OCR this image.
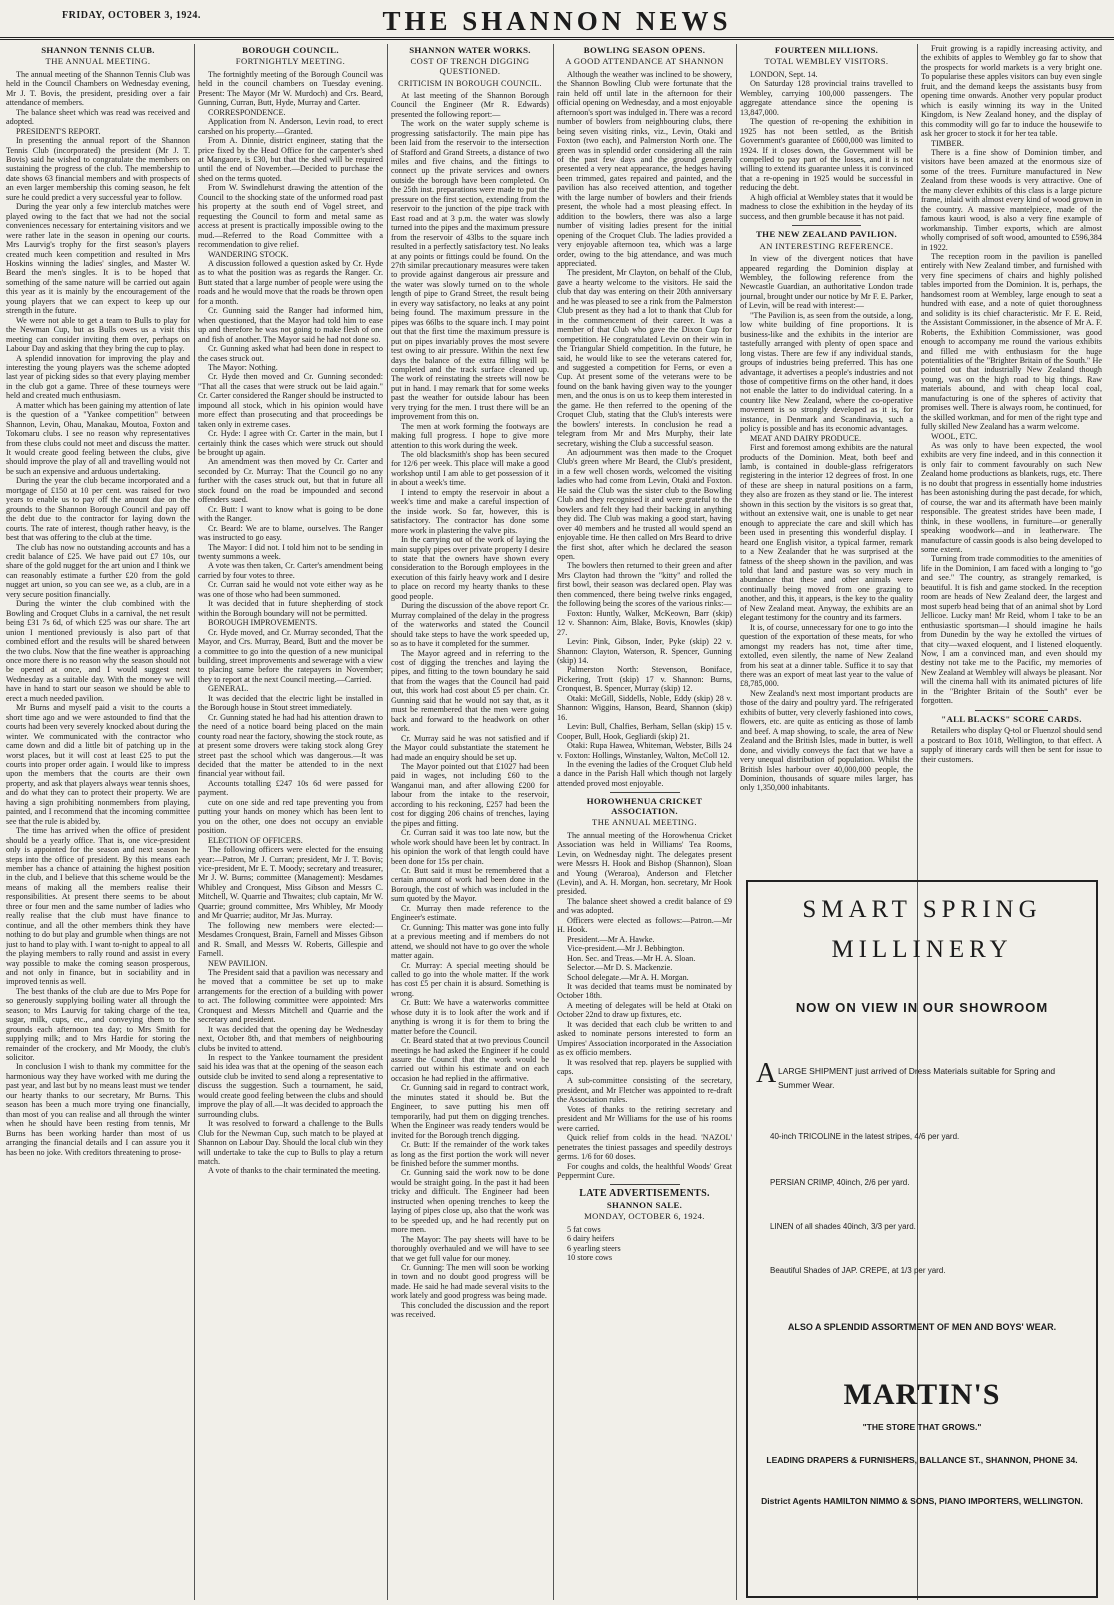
FRIDAY, OCTOBER 3, 1924.	THE SHANNON NEWS
SHANNON TENNIS CLUB.
THE ANNUAL MEETING.

The annual meeting of the Shannon Tennis Club was held in the Council Chambers on Wednesday evening, Mr J. T. Bovis, the president, presiding over a fair attendance of members.

The balance sheet which was read was received and adopted.

PRESIDENT'S REPORT.

In presenting the annual report of the Shannon Tennis Club (incorporated) the president (Mr J. T. Bovis) said he wished to congratulate the members on sustaining the progress of the club. The membership to date shows 63 financial members and with prospects of an even larger membership this coming season, he felt sure he could predict a very successful year to follow.

During the year only a few interclub matches were played owing to the fact that we had not the social conveniences necessary for entertaining visitors and we were rather late in the season in opening our courts. Mrs Laurvig's trophy for the first season's players created much keen competition and resulted in Mrs Hoskins winning the ladies' singles, and Master W. Beard the men's singles. It is to be hoped that something of the same nature will be carried out again this year as it is mainly by the encouragement of the young players that we can expect to keep up our strength in the future.

We were not able to get a team to Bulls to play for the Newman Cup, but as Bulls owes us a visit this meeting can consider inviting them over, perhaps on Labour Day and asking that they bring the cup to play.

A splendid innovation for improving the play and interesting the young players was the scheme adopted last year of picking sides so that every playing member in the club got a game. Three of these tourneys were held and created much enthusiasm.

A matter which has been gaining my attention of late is the question of a "Yankee competition" between Shannon, Levin, Ohau, Manakau, Moutoa, Foxton and Tokomaru clubs. I see no reason why representatives from these clubs could not meet and discuss the matter. It would create good feeling between the clubs, give should improve the play of all and travelling would not be such an expensive and arduous undertaking.

During the year the club became incorporated and a mortgage of £150 at 10 per cent. was raised for two years to enable us to pay off the amount due on the grounds to the Shannon Borough Council and pay off the debt due to the contractor for laying down the courts. The rate of interest, though rather heavy, is the best that was offering to the club at the time.

The club has now no outstanding accounts and has a credit balance of £25. We have paid out £7 10s, our share of the gold nugget for the art union and I think we can reasonably estimate a further £20 from the gold nugget art union, so you can see we, as a club, are in a very secure position financially.

During the winter the club combined with the Bowling and Croquet Clubs in a carnival, the net result being £31 7s 6d, of which £25 was our share. The art union I mentioned previously is also part of that combined effort and the results will be shared between the two clubs. Now that the fine weather is approaching once more there is no reason why the season should not be opened at once, and I would suggest next Wednesday as a suitable day. With the money we will have in hand to start our season we should be able to erect a much needed pavilion.

Mr Burns and myself paid a visit to the courts a short time ago and we were astounded to find that the courts had been very severely knocked about during the winter. We communicated with the contractor who came down and did a little bit of patching up in the worst places, but it will cost at least £25 to put the courts into proper order again. I would like to impress upon the members that the courts are their own property, and ask that players always wear tennis shoes, and do what they can to protect their property. We are having a sign prohibiting nonmembers from playing, painted, and I recommend that the incoming committee see that the rule is abided by.

The time has arrived when the office of president should be a yearly office. That is, one vice-president only is appointed for the season and next season he steps into the office of president. By this means each member has a chance of attaining the highest position in the club, and I believe that this scheme would be the means of making all the members realise their responsibilities. At present there seems to be about three or four men and the same number of ladies who really realise that the club must have finance to continue, and all the other members think they have nothing to do but play and grumble when things are not just to hand to play with. I want to-night to appeal to all the playing members to rally round and assist in every way possible to make the coming season prosperous, and not only in finance, but in sociability and in improved tennis as well.

The best thanks of the club are due to Mrs Pope for so generously supplying boiling water all through the season; to Mrs Laurvig for taking charge of the tea, sugar, milk, cups, etc., and conveying them to the grounds each afternoon tea day; to Mrs Smith for supplying milk; and to Mrs Hardie for storing the remainder of the crockery, and Mr Moody, the club's solicitor.

In conclusion I wish to thank my committee for the harmonious way they have worked with me during the past year, and last but by no means least must we tender our hearty thanks to our secretary, Mr Burns. This season has been a much more trying one financially, than most of you can realise and all through the winter when he should have been resting from tennis, Mr Burns has been working harder than most of us arranging the financial details and I can assure you it has been no joke. With creditors threatening to prose-

BOROUGH COUNCIL.
FORTNIGHTLY MEETING.

The fortnightly meeting of the Borough Council was held in the council chambers on Tuesday evening. Present: The Mayor (Mr W. Murdoch) and Crs. Beard, Gunning, Curran, Butt, Hyde, Murray and Carter.

CORRESPONDENCE.

Application from N. Anderson, Levin road, to erect carshed on his property.—Granted.

From A. Dinnie, district engineer, stating that the price fixed by the Head Office for the carpenter's shed at Mangaore, is £30, but that the shed will be required until the end of November.—Decided to purchase the shed on the terms quoted.

From W. Swindlehurst drawing the attention of the Council to the shocking state of the unformed road past his property at the south end of Vogel street, and requesting the Council to form and metal same as access at present is practically impossible owing to the mud.—Referred to the Road Committee with a recommendation to give relief.

WANDERING STOCK.

A discussion followed a question asked by Cr. Hyde as to what the position was as regards the Ranger. Cr. Butt stated that a large number of people were using the roads and he would move that the roads be thrown open for a month.

Cr. Gunning said the Ranger had informed him, when questioned, that the Mayor had told him to ease up and therefore he was not going to make flesh of one and fish of another. The Mayor said he had not done so.

Cr. Gunning asked what had been done in respect to the cases struck out.

The Mayor: Nothing.

Cr. Hyde then moved and Cr. Gunning seconded: "That all the cases that were struck out be laid again." Cr. Carter considered the Ranger should be instructed to impound all stock, which in his opinion would have more effect than prosecuting and that proceedings be taken only in extreme cases.

Cr. Hyde: I agree with Cr. Carter in the main, but I certainly think the cases which were struck out should be brought up again.

An amendment was then moved by Cr. Carter and seconded by Cr. Murray: That the Council go no any further with the cases struck out, but that in future all stock found on the road be impounded and second offenders sued.

Cr. Butt: I want to know what is going to be done with the Ranger.

Cr. Beard: We are to blame, ourselves. The Ranger was instructed to go easy.

The Mayor: I did not. I told him not to be sending in twenty summons a week.

A vote was then taken, Cr. Carter's amendment being carried by four votes to three.

Cr. Curran said he would not vote either way as he was one of those who had been summoned.

It was decided that in future shepherding of stock within the Borough boundary will not be permitted.

BOROUGH IMPROVEMENTS.

Cr. Hyde moved, and Cr. Murray seconded, That the Mayor, and Crs. Murray, Beard, Butt and the mover be a committee to go into the question of a new municipal building, street improvements and sewerage with a view to placing same before the ratepayers in November; they to report at the next Council meeting.—Carried.

GENERAL.

It was decided that the electric light be installed in the Borough house in Stout street immediately.

Cr. Gunning stated he had had his attention drawn to the need of a notice board being placed on the main county road near the factory, showing the stock route, as at present some drovers were taking stock along Grey street past the school which was dangerous.—It was decided that the matter be attended to in the next financial year without fail.

Accounts totalling £247 10s 6d were passed for payment.

cute on one side and red tape preventing you from putting your hands on money which has been lent to you on the other, one does not occupy an enviable position.

ELECTION OF OFFICERS.

The following officers were elected for the ensuing year:—Patron, Mr J. Curran; president, Mr J. T. Bovis; vice-president, Mr E. T. Moody; secretary and treasurer, Mr J. W. Burns; committee (Management): Mesdames Whibley and Cronquest, Miss Gibson and Messrs C. Mitchell, W. Quarrie and Thwaites; club captain, Mr W. Quarrie; ground committee, Mrs Whibley, Mr Moody and Mr Quarrie; auditor, Mr Jas. Murray.

The following new members were elected:—Mesdames Cronquest, Brain, Farnell and Misses Gibson and R. Small, and Messrs W. Roberts, Gillespie and Farnell.

NEW PAVILION.

The President said that a pavilion was necessary and he moved that a committee be set up to make arrangements for the erection of a building with power to act. The following committee were appointed: Mrs Cronquest and Messrs Mitchell and Quarrie and the secretary and president.

It was decided that the opening day be Wednesday next, October 8th, and that members of neighbouring clubs be invited to attend.

In respect to the Yankee tournament the president said his idea was that at the opening of the season each outside club be invited to send along a representative to discuss the suggestion. Such a tournament, he said, would create good feeling between the clubs and should improve the play of all.—It was decided to approach the surrounding clubs.

It was resolved to forward a challenge to the Bulls Club for the Newman Cup, such match to be played at Shannon on Labour Day. Should the local club win they will undertake to take the cup to Bulls to play a return match.

A vote of thanks to the chair terminated the meeting.

SHANNON WATER WORKS.
COST OF TRENCH DIGGING QUESTIONED.
CRITICISM IN BOROUGH COUNCIL.

At last meeting of the Shannon Borough Council the Engineer (Mr R. Edwards) presented the following report:—

The work on the water supply scheme is progressing satisfactorily. The main pipe has been laid from the reservoir to the intersection of Stafford and Grand Streets, a distance of two miles and five chains, and the fittings to connect up the private services and owners outside the borough have been completed. On the 25th inst. preparations were made to put the pressure on the first section, extending from the reservoir to the junction of the pipe track with East road and at 3 p.m. the water was slowly turned into the pipes and the maximum pressure from the reservoir of 43lbs to the square inch resulted in a perfectly satisfactory test. No leaks at any points or fittings could be found. On the 27th similar precautionary measures were taken to provide against dangerous air pressure and the water was slowly turned on to the whole length of pipe to Grand Street, the result being in every way satisfactory, no leaks at any point being found. The maximum pressure in the pipes was 66lbs to the square inch. I may point out that the first time the maximum pressure is put on pipes invariably proves the most severe test owing to air pressure. Within the next few days the balance of the extra filling will be completed and the track surface cleaned up. The work of reinstating the streets will now be put in hand. I may remark that for some weeks past the weather for outside labour has been very trying for the men. I trust there will be an improvement from this on.

The men at work forming the footways are making full progress. I hope to give more attention to this work during the week.

The old blacksmith's shop has been secured for 12/6 per week. This place will make a good workshop until I am able to get possession of it in about a week's time.

I intend to empty the reservoir in about a week's time and make a careful inspection of the inside work. So far, however, this is satisfactory. The contractor has done some more work in plastering the valve pits.

In the carrying out of the work of laying the main supply pipes over private property I desire to state that the owners have shown every consideration to the Borough employees in the execution of this fairly heavy work and I desire to place on record my hearty thanks to these good people.

During the discussion of the above report Cr. Murray complained of the delay in the progress of the waterworks and stated the Council should take steps to have the work speeded up, so as to have it completed for the summer.

The Mayor agreed and in referring to the cost of digging the trenches and laying the pipes, and fitting to the town boundary he said that from the wages that the Council had paid out, this work had cost about £5 per chain. Cr. Gunning said that he would not say that, as it must be remembered that the men were going back and forward to the headwork on other work.

Cr. Murray said he was not satisfied and if the Mayor could substantiate the statement he had made an enquiry should be set up.

The Mayor pointed out that £1027 had been paid in wages, not including £60 to the Wanganui man, and after allowing £200 for labour from the intake to the reservoir, according to his reckoning, £257 had been the cost for digging 206 chains of trenches, laying the pipes and fitting.

Cr. Curran said it was too late now, but the whole work should have been let by contract. In his opinion the work of that length could have been done for 15s per chain.

Cr. Butt said it must be remembered that a certain amount of work had been done in the Borough, the cost of which was included in the sum quoted by the Mayor.

Cr. Murray then made reference to the Engineer's estimate.

Cr. Gunning: This matter was gone into fully at a previous meeting and if members do not attend, we should not have to go over the whole matter again.

Cr. Murray: A special meeting should be called to go into the whole matter. If the work has cost £5 per chain it is absurd. Something is wrong.

Cr. Butt: We have a waterworks committee whose duty it is to look after the work and if anything is wrong it is for them to bring the matter before the Council.

Cr. Beard stated that at two previous Council meetings he had asked the Engineer if he could assure the Council that the work would be carried out within his estimate and on each occasion he had replied in the affirmative.

Cr. Gunning said in regard to contract work, the minutes stated it should be. But the Engineer, to save putting his men off temporarily, had put them on digging trenches. When the Engineer was ready tenders would be invited for the Borough trench digging.

Cr. Butt: If the remainder of the work takes as long as the first portion the work will never be finished before the summer months.

Cr. Gunning said the work now to be done would be straight going. In the past it had been tricky and difficult. The Engineer had been instructed when opening trenches to keep the laying of pipes close up, also that the work was to be speeded up, and he had recently put on more men.

The Mayor: The pay sheets will have to be thoroughly overhauled and we will have to see that we get full value for our money.

Cr. Gunning: The men will soon be working in town and no doubt good progress will be made. He said he had made several visits to the work lately and good progress was being made.

This concluded the discussion and the report was received.

BOWLING SEASON OPENS.
A GOOD ATTENDANCE AT SHANNON

Although the weather was inclined to be showery, the Shannon Bowling Club were fortunate that the rain held off until late in the afternoon for their official opening on Wednesday, and a most enjoyable afternoon's sport was indulged in. There was a record number of bowlers from neighbouring clubs, there being seven visiting rinks, viz., Levin, Otaki and Foxton (two each), and Palmerston North one. The green was in splendid order considering all the rain of the past few days and the ground generally presented a very neat appearance, the hedges having been trimmed, gates repaired and painted, and the pavilion has also received attention, and together with the large number of bowlers and their friends present, the whole had a most pleasing effect. In addition to the bowlers, there was also a large number of visiting ladies present for the initial opening of the Croquet Club. The ladies provided a very enjoyable afternoon tea, which was a large order, owing to the big attendance, and was much appreciated.

The president, Mr Clayton, on behalf of the Club, gave a hearty welcome to the visitors. He said the club that day was entering on their 20th anniversary and he was pleased to see a rink from the Palmerston Club present as they had a lot to thank that Club for in the commencement of their career. It was a member of that Club who gave the Dixon Cup for competition. He congratulated Levin on their win in the Triangular Shield competition. In the future, he said, he would like to see the veterans catered for, and suggested a competition for Ferns, or even a Cup. At present some of the veterans were to be found on the bank having given way to the younger men, and the onus is on us to keep them interested in the game. He then referred to the opening of the Croquet Club, stating that the Club's interests were the bowlers' interests. In conclusion he read a telegram from Mr and Mrs Murphy, their late secretary, wishing the Club a successful season.

An adjournment was then made to the Croquet Club's green where Mr Beard, the Club's president, in a few well chosen words, welcomed the visiting ladies who had come from Levin, Otaki and Foxton. He said the Club was the sister club to the Bowling Club and they recognised it and were grateful to the bowlers and felt they had their backing in anything they did. The Club was making a good start, having over 40 members and he trusted all would spend an enjoyable time. He then called on Mrs Beard to drive the first shot, after which he declared the season open.

The bowlers then returned to their green and after Mrs Clayton had thrown the "kitty" and rolled the first bowl, their season was declared open. Play was then commenced, there being twelve rinks engaged, the following being the scores of the various rinks:—

Foxton: Huntly, Walker, McKeown, Barr (skip) 12 v. Shannon: Aim, Blake, Bovis, Knowles (skip) 27.

Levin: Pink, Gibson, Inder, Pyke (skip) 22 v. Shannon: Clayton, Waterson, R. Spencer, Gunning (skip) 14.

Palmerston North: Stevenson, Boniface, Pickering, Trott (skip) 17 v. Shannon: Burns, Cronquest, B. Spencer, Murray (skip) 12.

Otaki: McGill, Siddells, Noble, Eddy (skip) 28 v. Shannon: Wiggins, Hanson, Beard, Shannon (skip) 16.

Levin: Bull, Chalfies, Berham, Sellan (skip) 15 v. Cooper, Bull, Hook, Gegliardi (skip) 21.

Otaki: Rupa Hawea, Whiteman, Webster, Bills 24 v. Foxton: Hollings, Winstanley, Walton, McColl 12.

In the evening the ladies of the Croquet Club held a dance in the Parish Hall which though not largely attended proved most enjoyable.

HOROWHENUA CRICKET ASSOCIATION.
THE ANNUAL MEETING.

The annual meeting of the Horowhenua Cricket Association was held in Williams' Tea Rooms, Levin, on Wednesday night. The delegates present were Messrs H. Hook and Bishop (Shannon), Sloan and Young (Weraroa), Anderson and Fletcher (Levin), and A. H. Morgan, hon. secretary, Mr Hook presided.

The balance sheet showed a credit balance of £9 and was adopted.

Officers were elected as follows:—Patron.—Mr H. Hook.

President.—Mr A. Hawke.

Vice-president.—Mr J. Bebbington.

Hon. Sec. and Treas.—Mr H. A. Sloan.

Selector.—Mr D. S. Mackenzie.

School delegate.—Mr A. H. Morgan.

It was decided that teams must be nominated by October 18th.

A meeting of delegates will be held at Otaki on October 22nd to draw up fixtures, etc.

It was decided that each club be written to and asked to nominate persons interested to form an Umpires' Association incorporated in the Association as ex officio members.

It was resolved that rep. players be supplied with caps.

A sub-committee consisting of the secretary, president, and Mr Fletcher was appointed to re-draft the Association rules.

Votes of thanks to the retiring secretary and president and Mr Williams for the use of his rooms were carried.

Quick relief from colds in the head. 'NAZOL' penetrates the tiniest passages and speedily destroys germs. 1/6 for 60 doses.

For coughs and colds, the healthful Woods' Great Peppermint Cure.

LATE ADVERTISEMENTS.
SHANNON SALE.
MONDAY, OCTOBER 6, 1924.

5 fat cows

6 dairy heifers

6 yearling steers

10 store cows

FOURTEEN MILLIONS.
TOTAL WEMBLEY VISITORS.

LONDON, Sept. 14.

On Saturday 128 provincial trains travelled to Wembley, carrying 100,000 passengers. The aggregate attendance since the opening is 13,847,000.

The question of re-opening the exhibition in 1925 has not been settled, as the British Government's guarantee of £600,000 was limited to 1924. If it closes down, the Government will be compelled to pay part of the losses, and it is not willing to extend its guarantee unless it is convinced that a re-opening in 1925 would be successful in reducing the debt.

A high official at Wembley states that it would be madness to close the exhibition in the heyday of its success, and then grumble because it has not paid.

THE NEW ZEALAND PAVILION.
AN INTERESTING REFERENCE.

In view of the divergent notices that have appeared regarding the Dominion display at Wembley, the following reference from the Newcastle Guardian, an authoritative London trade journal, brought under our notice by Mr F. E. Parker, of Levin, will be read with interest:—

"The Pavilion is, as seen from the outside, a long, low white building of fine proportions. It is business-like and the exhibits in the interior are tastefully arranged with plenty of open space and long vistas. There are few if any individual stands, groups of industries being preferred. This has one advantage, it advertises a people's industries and not those of competitive firms on the other hand, it does not enable the latter to do individual catering. In a country like New Zealand, where the co-operative movement is so strongly developed as it is, for instance, in Denmark and Scandinavia, such a policy is possible and has its economic advantages.

MEAT AND DAIRY PRODUCE.

First and foremost among exhibits are the natural products of the Dominion. Meat, both beef and lamb, is contained in double-glass refrigerators registering in the interior 12 degrees of frost. In one of these are sheep in natural positions on a farm, they also are frozen as they stand or lie. The interest shown in this section by the visitors is so great that, without an extensive wait, one is unable to get near enough to appreciate the care and skill which has been used in presenting this wonderful display. I heard one English visitor, a typical farmer, remark to a New Zealander that he was surprised at the fatness of the sheep shown in the pavilion, and was told that land and pasture was so very much in abundance that these and other animals were continually being moved from one grazing to another, and this, it appears, is the key to the quality of New Zealand meat. Anyway, the exhibits are an elegant testimony for the country and its farmers.

It is, of course, unnecessary for one to go into the question of the exportation of these meats, for who amongst my readers has not, time after time, extolled, even silently, the name of New Zealand from his seat at a dinner table. Suffice it to say that there was an export of meat last year to the value of £8,785,000.

New Zealand's next most important products are those of the dairy and poultry yard. The refrigerated exhibits of butter, very cleverly fashioned into cows, flowers, etc. are quite as enticing as those of lamb and beef. A map showing, to scale, the area of New Zealand and the British Isles, made in butter, is well done, and vividly conveys the fact that we have a very unequal distribution of population. Whilst the British Isles harbour over 40,000,000 people, the Dominion, thousands of square miles larger, has only 1,350,000 inhabitants.

Fruit growing is a rapidly increasing activity, and the exhibits of apples to Wembley go far to show that the prospects for world markets is a very bright one. To popularise these apples visitors can buy even single fruit, and the demand keeps the assistants busy from opening time onwards. Another very popular product which is easily winning its way in the United Kingdom, is New Zealand honey, and the display of this commodity will go far to induce the housewife to ask her grocer to stock it for her tea table.

TIMBER.

There is a fine show of Dominion timber, and visitors have been amazed at the enormous size of some of the trees. Furniture manufactured in New Zealand from these woods is very attractive. One of the many clever exhibits of this class is a large picture frame, inlaid with almost every kind of wood grown in the country. A massive mantelpiece, made of the famous kauri wood, is also a very fine example of workmanship. Timber exports, which are almost wholly comprised of soft wood, amounted to £596,384 in 1922.

The reception room in the pavilion is panelled entirely with New Zealand timber, and furnished with very fine specimens of chairs and highly polished tables imported from the Dominion. It is, perhaps, the handsomest room at Wembley, large enough to seat a hundred with ease, and a note of quiet thoroughness and solidity is its chief characteristic. Mr F. E. Reid, the Assistant Commissioner, in the absence of Mr A. F. Roberts, the Exhibition Commissioner, was good enough to accompany me round the various exhibits and filled me with enthusiasm for the huge potentialities of the "Brighter Britain of the South." He pointed out that industrially New Zealand though young, was on the high road to big things. Raw materials abound, and with cheap local coal, manufacturing is one of the spheres of activity that promises well. There is always room, he continued, for the skilled workman, and for men of the right type and fully skilled New Zealand has a warm welcome.

WOOL, ETC.

As was only to have been expected, the wool exhibits are very fine indeed, and in this connection it is only fair to comment favourably on such New Zealand home productions as blankets, rugs, etc. There is no doubt that progress in essentially home industries has been astonishing during the past decade, for which, of course, the war and its aftermath have been mainly responsible. The greatest strides have been made, I think, in these woollens, in furniture—or generally speaking woodwork—and in leatherware. The manufacture of cassin goods is also being developed to some extent.

Turning from trade commodities to the amenities of life in the Dominion, I am faced with a longing to "go and see." The country, as strangely remarked, is beautiful. It is fish and game stocked. In the reception room are heads of New Zealand deer, the largest and most superb head being that of an animal shot by Lord Jellicoe. Lucky man! Mr Reid, whom I take to be an enthusiastic sportsman—I should imagine he hails from Dunedin by the way he extolled the virtues of that city—waxed eloquent, and I listened eloquently. Now, I am a convinced man, and even should my destiny not take me to the Pacific, my memories of New Zealand at Wembley will always be pleasant. Nor will the cinema hall with its animated pictures of life in the "Brighter Britain of the South" ever be forgotten.

"ALL BLACKS" SCORE CARDS.

Retailers who display Q-tol or Fluenzol should send a postcard to Box 1018, Wellington, to that effect. A supply of itinerary cards will then be sent for issue to their customers.

SMART SPRING
MILLINERY
NOW ON VIEW IN OUR SHOWROOM
A LARGE SHIPMENT just arrived of Dress Materials suitable for Spring and Summer Wear.
40-inch TRICOLINE in the latest stripes, 4/6 per yard.
PERSIAN CRIMP, 40inch, 2/6 per yard.
LINEN of all shades 40inch, 3/3 per yard.
Beautiful Shades of JAP. CREPE, at 1/3 per yard.
ALSO A SPLENDID ASSORTMENT OF MEN AND BOYS' WEAR.
MARTIN'S
"THE STORE THAT GROWS."
LEADING DRAPERS & FURNISHERS, BALLANCE ST., SHANNON, PHONE 34.
District Agents HAMILTON NIMMO & SONS, PIANO IMPORTERS, WELLINGTON.
